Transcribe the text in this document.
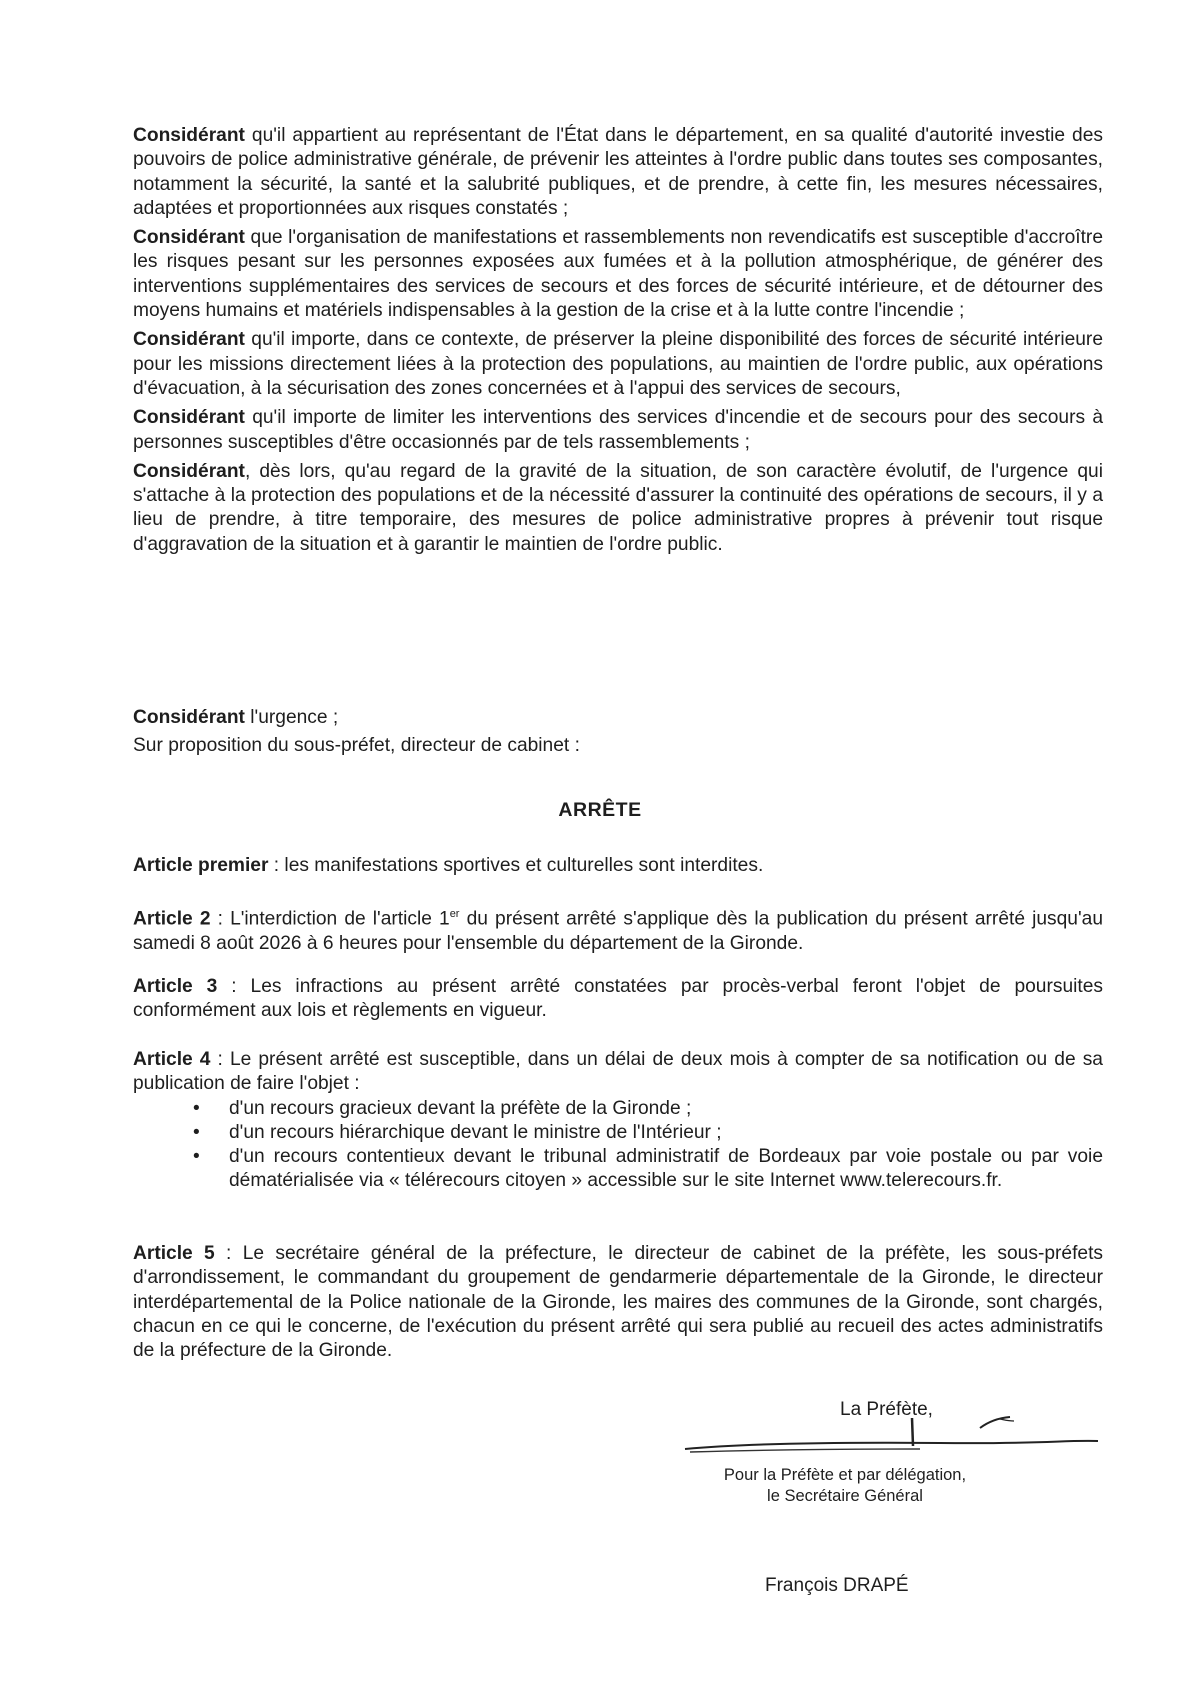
Considérant qu'il appartient au représentant de l'État dans le département, en sa qualité d'autorité investie des pouvoirs de police administrative générale, de prévenir les atteintes à l'ordre public dans toutes ses composantes, notamment la sécurité, la santé et la salubrité publiques, et de prendre, à cette fin, les mesures nécessaires, adaptées et proportionnées aux risques constatés ;

Considérant que l'organisation de manifestations et rassemblements non revendicatifs est susceptible d'accroître les risques pesant sur les personnes exposées aux fumées et à la pollution atmosphérique, de générer des interventions supplémentaires des services de secours et des forces de sécurité intérieure, et de détourner des moyens humains et matériels indispensables à la gestion de la crise et à la lutte contre l'incendie ;

Considérant qu'il importe, dans ce contexte, de préserver la pleine disponibilité des forces de sécurité intérieure pour les missions directement liées à la protection des populations, au maintien de l'ordre public, aux opérations d'évacuation, à la sécurisation des zones concernées et à l'appui des services de secours,

Considérant qu'il importe de limiter les interventions des services d'incendie et de secours pour des secours à personnes susceptibles d'être occasionnés par de tels rassemblements ;

Considérant, dès lors, qu'au regard de la gravité de la situation, de son caractère évolutif, de l'urgence qui s'attache à la protection des populations et de la nécessité d'assurer la continuité des opérations de secours, il y a lieu de prendre, à titre temporaire, des mesures de police administrative propres à prévenir tout risque d'aggravation de la situation et à garantir le maintien de l'ordre public.

Considérant l'urgence ;

Sur proposition du sous-préfet, directeur de cabinet :

ARRÊTE

Article premier : les manifestations sportives et culturelles sont interdites.

Article 2 : L'interdiction de l'article 1er du présent arrêté s'applique dès la publication du présent arrêté jusqu'au samedi 8 août 2026 à 6 heures pour l'ensemble du département de la Gironde.

Article 3 : Les infractions au présent arrêté constatées par procès-verbal feront l'objet de poursuites conformément aux lois et règlements en vigueur.

Article 4 : Le présent arrêté est susceptible, dans un délai de deux mois à compter de sa notification ou de sa publication de faire l'objet :

• d'un recours gracieux devant la préfète de la Gironde ;
• d'un recours hiérarchique devant le ministre de l'Intérieur ;
• d'un recours contentieux devant le tribunal administratif de Bordeaux par voie postale ou par voie dématérialisée via « télérecours citoyen » accessible sur le site Internet www.telerecours.fr.

Article 5 : Le secrétaire général de la préfecture, le directeur de cabinet de la préfète, les sous-préfets d'arrondissement, le commandant du groupement de gendarmerie départementale de la Gironde, le directeur interdépartemental de la Police nationale de la Gironde, les maires des communes de la Gironde, sont chargés, chacun en ce qui le concerne, de l'exécution du présent arrêté qui sera publié au recueil des actes administratifs de la préfecture de la Gironde.

La Préfète,
Pour la Préfète et par délégation,
le Secrétaire Général
François DRAPÉ
